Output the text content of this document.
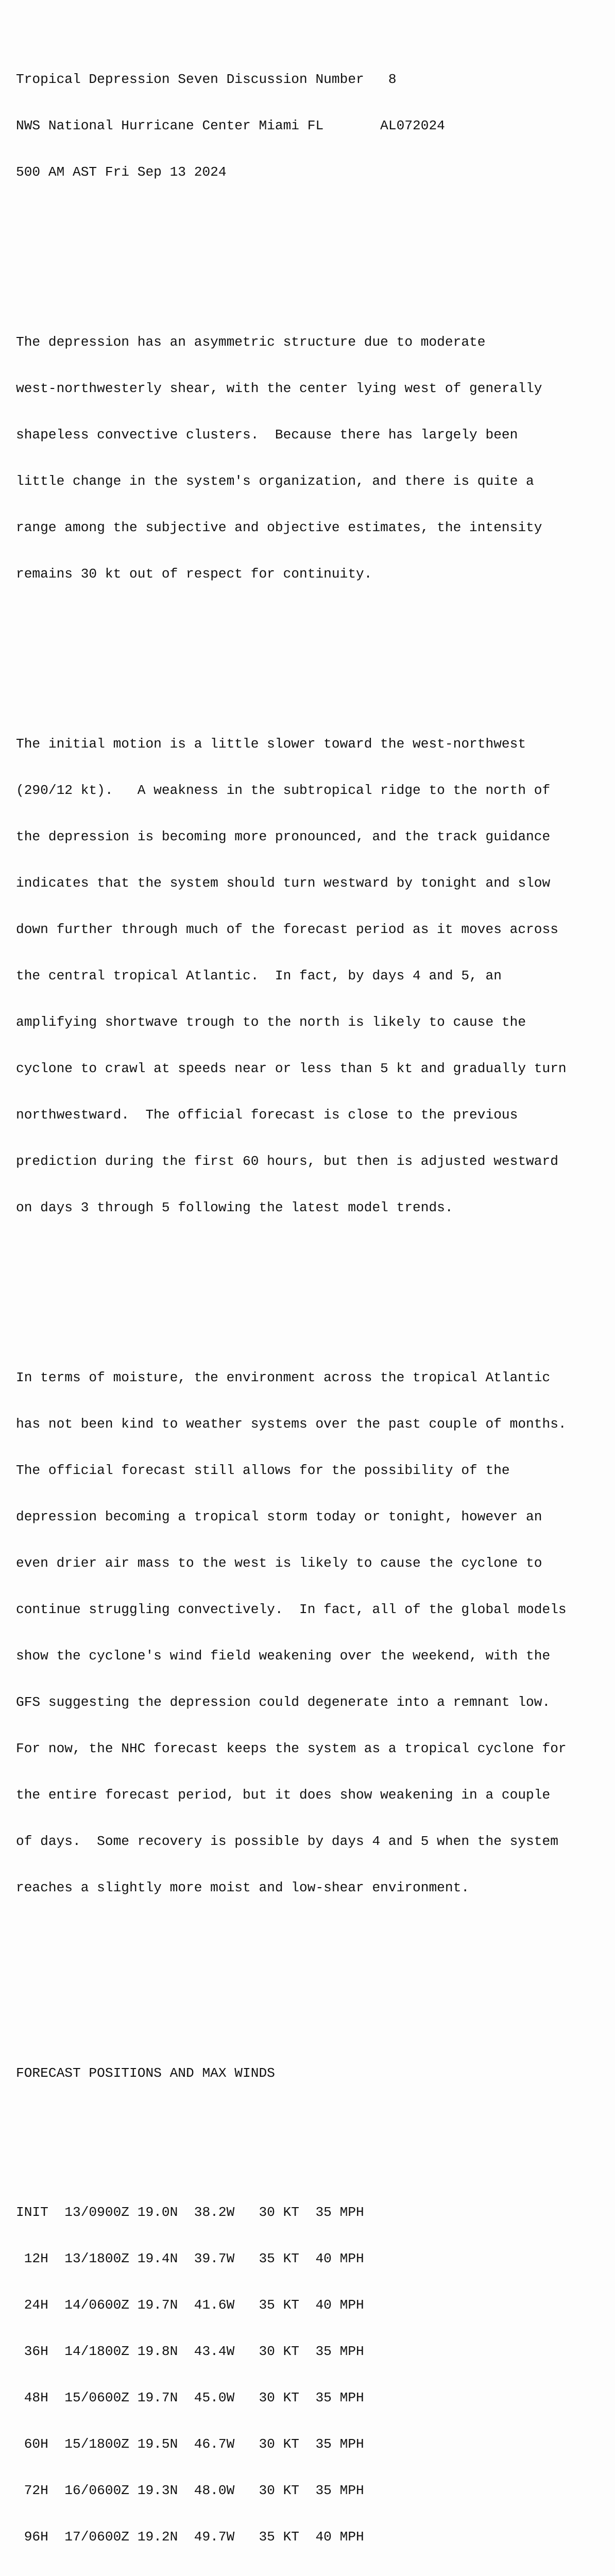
Tropical Depression Seven Discussion Number   8

NWS National Hurricane Center Miami FL       AL072024

500 AM AST Fri Sep 13 2024

The depression has an asymmetric structure due to moderate

west-northwesterly shear, with the center lying west of generally

shapeless convective clusters.  Because there has largely been

little change in the system's organization, and there is quite a

range among the subjective and objective estimates, the intensity

remains 30 kt out of respect for continuity.

The initial motion is a little slower toward the west-northwest

(290/12 kt).   A weakness in the subtropical ridge to the north of

the depression is becoming more pronounced, and the track guidance

indicates that the system should turn westward by tonight and slow

down further through much of the forecast period as it moves across

the central tropical Atlantic.  In fact, by days 4 and 5, an

amplifying shortwave trough to the north is likely to cause the

cyclone to crawl at speeds near or less than 5 kt and gradually turn

northwestward.  The official forecast is close to the previous

prediction during the first 60 hours, but then is adjusted westward

on days 3 through 5 following the latest model trends.

In terms of moisture, the environment across the tropical Atlantic

has not been kind to weather systems over the past couple of months.

The official forecast still allows for the possibility of the

depression becoming a tropical storm today or tonight, however an

even drier air mass to the west is likely to cause the cyclone to

continue struggling convectively.  In fact, all of the global models

show the cyclone's wind field weakening over the weekend, with the

GFS suggesting the depression could degenerate into a remnant low.

For now, the NHC forecast keeps the system as a tropical cyclone for

the entire forecast period, but it does show weakening in a couple

of days.  Some recovery is possible by days 4 and 5 when the system

reaches a slightly more moist and low-shear environment.

FORECAST POSITIONS AND MAX WINDS

INIT  13/0900Z 19.0N  38.2W   30 KT  35 MPH

12H  13/1800Z 19.4N  39.7W   35 KT  40 MPH

24H  14/0600Z 19.7N  41.6W   35 KT  40 MPH

36H  14/1800Z 19.8N  43.4W   30 KT  35 MPH

48H  15/0600Z 19.7N  45.0W   30 KT  35 MPH

60H  15/1800Z 19.5N  46.7W   30 KT  35 MPH

72H  16/0600Z 19.3N  48.0W   30 KT  35 MPH

96H  17/0600Z 19.2N  49.7W   35 KT  40 MPH
